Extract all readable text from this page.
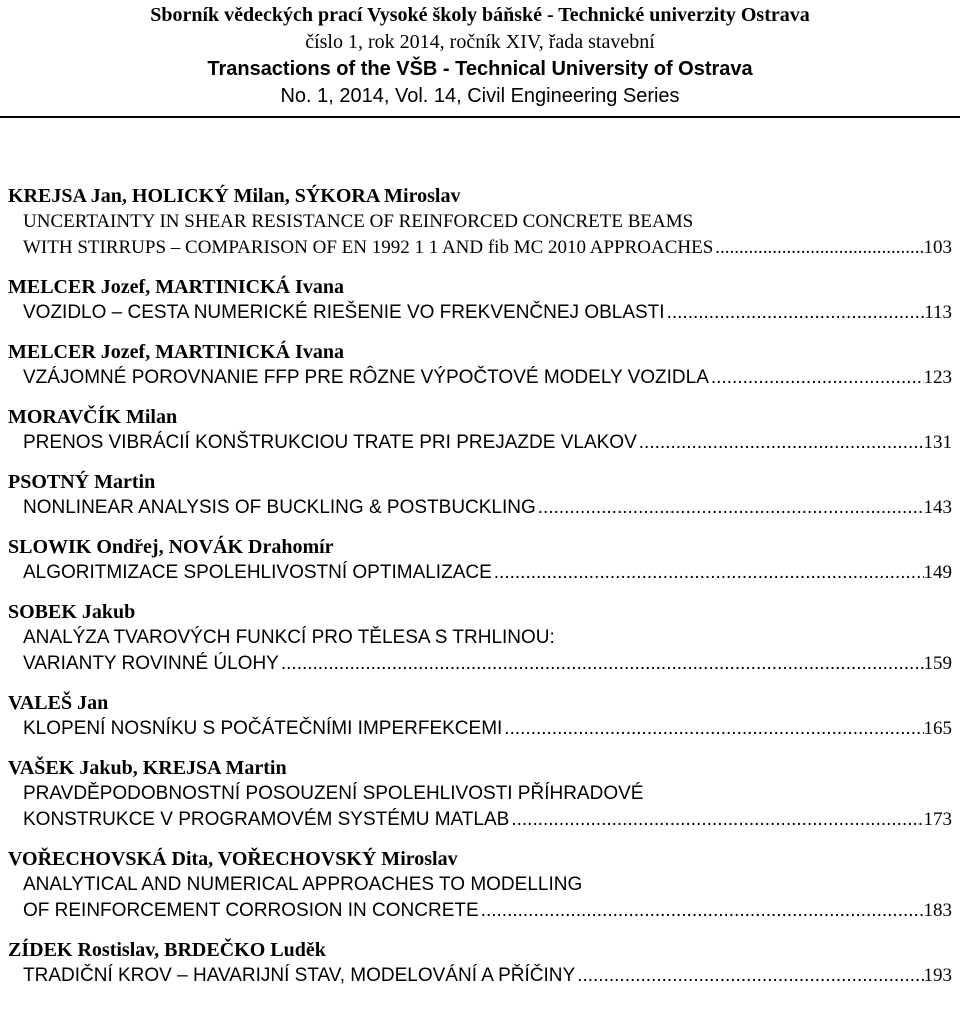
Sborník vědeckých prací Vysoké školy báňské - Technické univerzity Ostrava
číslo 1, rok 2014, ročník XIV, řada stavební
Transactions of the VŠB - Technical University of Ostrava
No. 1, 2014, Vol. 14, Civil Engineering Series
KREJSA Jan, HOLICKÝ Milan, SÝKORA Miroslav
UNCERTAINTY IN SHEAR RESISTANCE OF REINFORCED CONCRETE BEAMS
WITH STIRRUPS – COMPARISON OF EN 1992 1 1 AND fib MC 2010 APPROACHES .....	103
MELCER Jozef, MARTINICKÁ Ivana
VOZIDLO – CESTA NUMERICKÉ RIEŠENIE VO FREKVENČNEJ OBLASTI .....	113
MELCER Jozef, MARTINICKÁ Ivana
VZÁJOMNÉ POROVNANIE FFP PRE RÔZNE VÝPOČTOVÉ MODELY VOZIDLA .....	123
MORAVČÍK Milan
PRENOS VIBRÁCIÍ KONŠTRUKCIOU TRATE PRI PREJAZDE VLAKOV .....	131
PSOTNÝ Martin
NONLINEAR ANALYSIS OF BUCKLING & POSTBUCKLING .....	143
SLOWIK Ondřej, NOVÁK Drahomír
ALGORITMIZACE SPOLEHLIVOSTNÍ OPTIMALIZACE .....	149
SOBEK Jakub
ANALÝZA TVAROVÝCH FUNKCÍ PRO TĚLESA S TRHLINOU:
VARIANTY ROVINNÉ ÚLOHY .....	159
VALEŠ Jan
KLOPENÍ NOSNÍKU S POČÁTEČNÍMI IMPERFEKCEMI .....	165
VAŠEK Jakub, KREJSA Martin
PRAVDĚPODOBNOSTNÍ POSOUZENÍ SPOLEHLIVOSTI PŘÍHRADOVÉ
KONSTRUKCE V PROGRAMOVÉM SYSTÉMU MATLAB .....	173
VOŘECHOVSKÁ Dita, VOŘECHOVSKÝ Miroslav
ANALYTICAL AND NUMERICAL APPROACHES TO MODELLING
OF REINFORCEMENT CORROSION IN CONCRETE .....	183
ZÍDEK Rostislav, BRDEČKO Luděk
TRADIČNÍ KROV – HAVARIJNÍ STAV, MODELOVÁNÍ A PŘÍČINY .....	193
